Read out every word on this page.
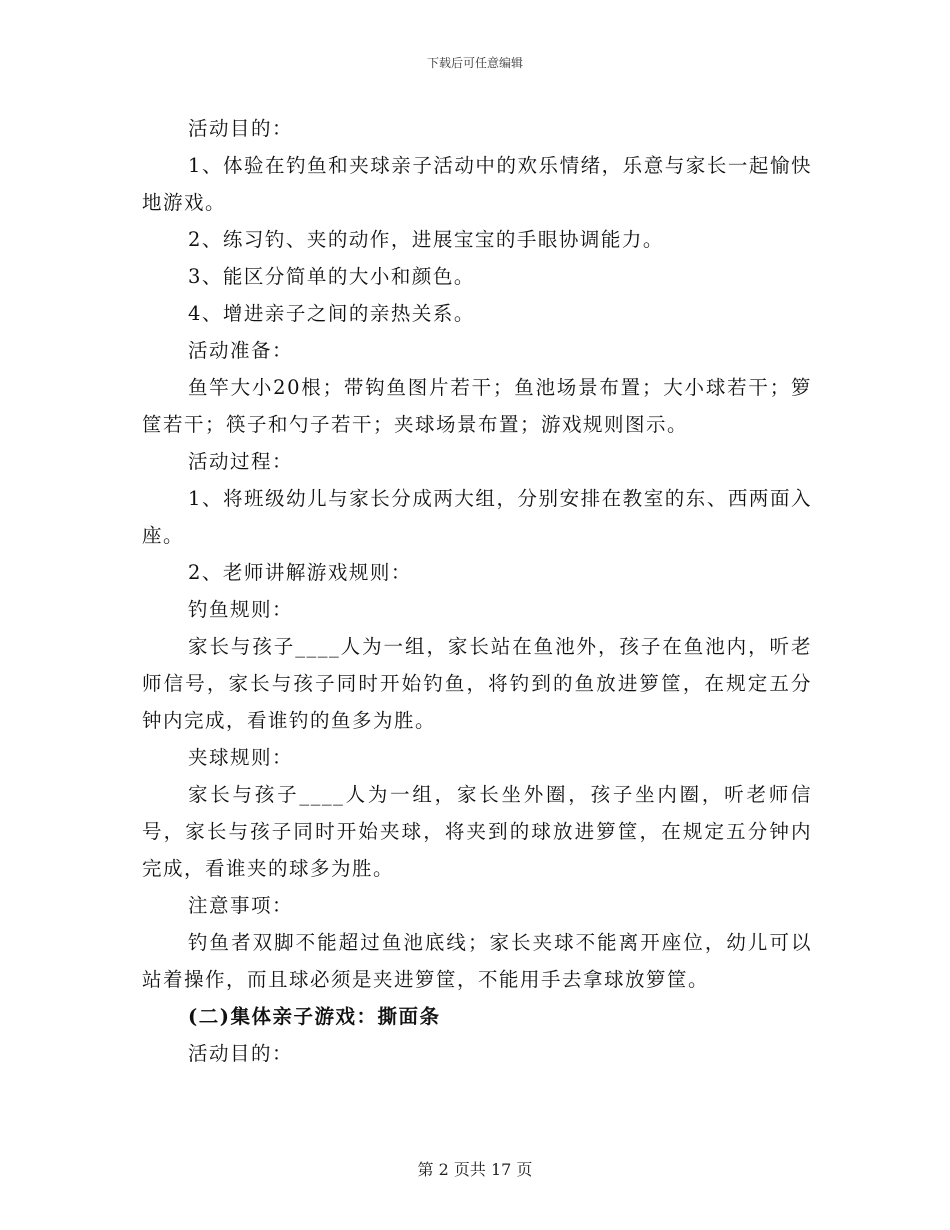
下载后可任意编辑

活动目的：

1、体验在钓鱼和夹球亲子活动中的欢乐情绪，乐意与家长一起愉快地游戏。

2、练习钓、夹的动作，进展宝宝的手眼协调能力。

3、能区分简单的大小和颜色。

4、增进亲子之间的亲热关系。

活动准备：

鱼竿大小20根；带钩鱼图片若干；鱼池场景布置；大小球若干；箩筐若干；筷子和勺子若干；夹球场景布置；游戏规则图示。

活动过程：

1、将班级幼儿与家长分成两大组，分别安排在教室的东、西两面入座。

2、老师讲解游戏规则：

钓鱼规则：

家长与孩子____人为一组，家长站在鱼池外，孩子在鱼池内，听老师信号，家长与孩子同时开始钓鱼，将钓到的鱼放进箩筐，在规定五分钟内完成，看谁钓的鱼多为胜。

夹球规则：

家长与孩子____人为一组，家长坐外圈，孩子坐内圈，听老师信号，家长与孩子同时开始夹球，将夹到的球放进箩筐，在规定五分钟内完成，看谁夹的球多为胜。

注意事项：

钓鱼者双脚不能超过鱼池底线；家长夹球不能离开座位，幼儿可以站着操作，而且球必须是夹进箩筐，不能用手去拿球放箩筐。

(二)集体亲子游戏：撕面条

活动目的：

第 2 页共 17 页
